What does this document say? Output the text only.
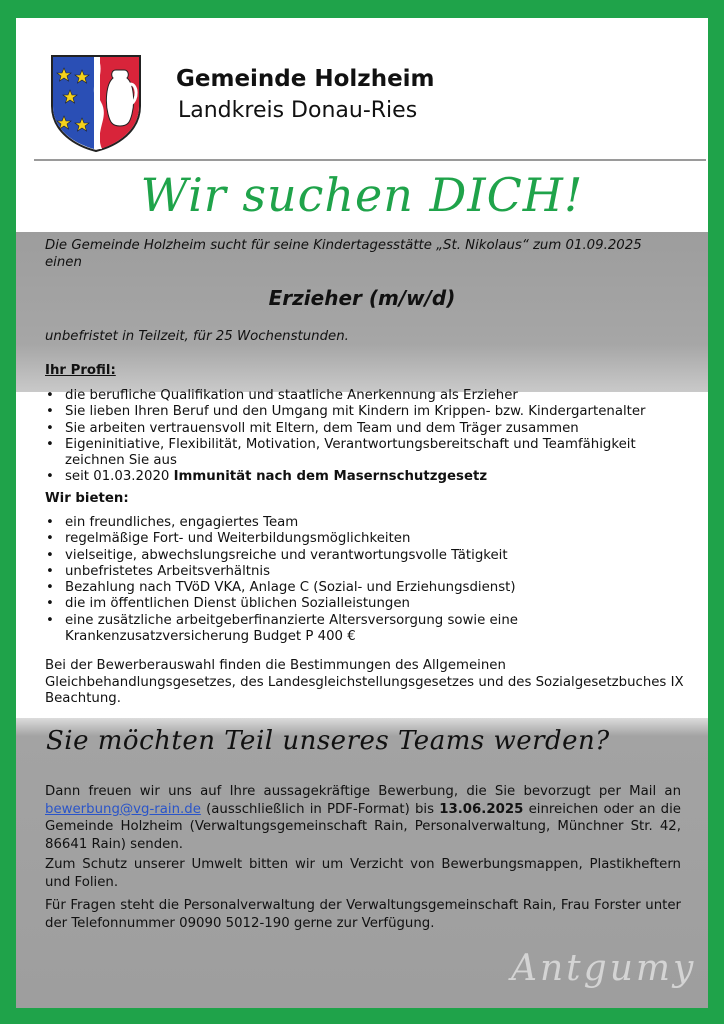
Gemeinde Holzheim
Landkreis Donau-Ries
Wir suchen DICH!
Die Gemeinde Holzheim sucht für seine Kindertagesstätte „St. Nikolaus“ zum 01.09.2025 einen
Erzieher (m/w/d)
unbefristet in Teilzeit, für 25 Wochenstunden.
Ihr Profil:
• die berufliche Qualifikation und staatliche Anerkennung als Erzieher
• Sie lieben Ihren Beruf und den Umgang mit Kindern im Krippen- bzw. Kindergartenalter
• Sie arbeiten vertrauensvoll mit Eltern, dem Team und dem Träger zusammen
• Eigeninitiative, Flexibilität, Motivation, Verantwortungsbereitschaft und Teamfähigkeit zeichnen Sie aus
• seit 01.03.2020 Immunität nach dem Masernschutzgesetz
Wir bieten:
• ein freundliches, engagiertes Team
• regelmäßige Fort- und Weiterbildungsmöglichkeiten
• vielseitige, abwechslungsreiche und verantwortungsvolle Tätigkeit
• unbefristetes Arbeitsverhältnis
• Bezahlung nach TVöD VKA, Anlage C (Sozial- und Erziehungsdienst)
• die im öffentlichen Dienst üblichen Sozialleistungen
• eine zusätzliche arbeitgeberfinanzierte Altersversorgung sowie eine Krankenzusatzversicherung Budget P 400 €
Bei der Bewerberauswahl finden die Bestimmungen des Allgemeinen Gleichbehandlungsgesetzes, des Landesgleichstellungsgesetzes und des Sozialgesetzbuches IX Beachtung.
Sie möchten Teil unseres Teams werden?
Dann freuen wir uns auf Ihre aussagekräftige Bewerbung, die Sie bevorzugt per Mail an bewerbung@vg-rain.de (ausschließlich in PDF-Format) bis 13.06.2025 einreichen oder an die Gemeinde Holzheim (Verwaltungsgemeinschaft Rain, Personalverwaltung, Münchner Str. 42, 86641 Rain) senden.
Zum Schutz unserer Umwelt bitten wir um Verzicht von Bewerbungsmappen, Plastikheftern und Folien.
Für Fragen steht die Personalverwaltung der Verwaltungsgemeinschaft Rain, Frau Forster unter der Telefonnummer 09090 5012-190 gerne zur Verfügung.
Antgumy
